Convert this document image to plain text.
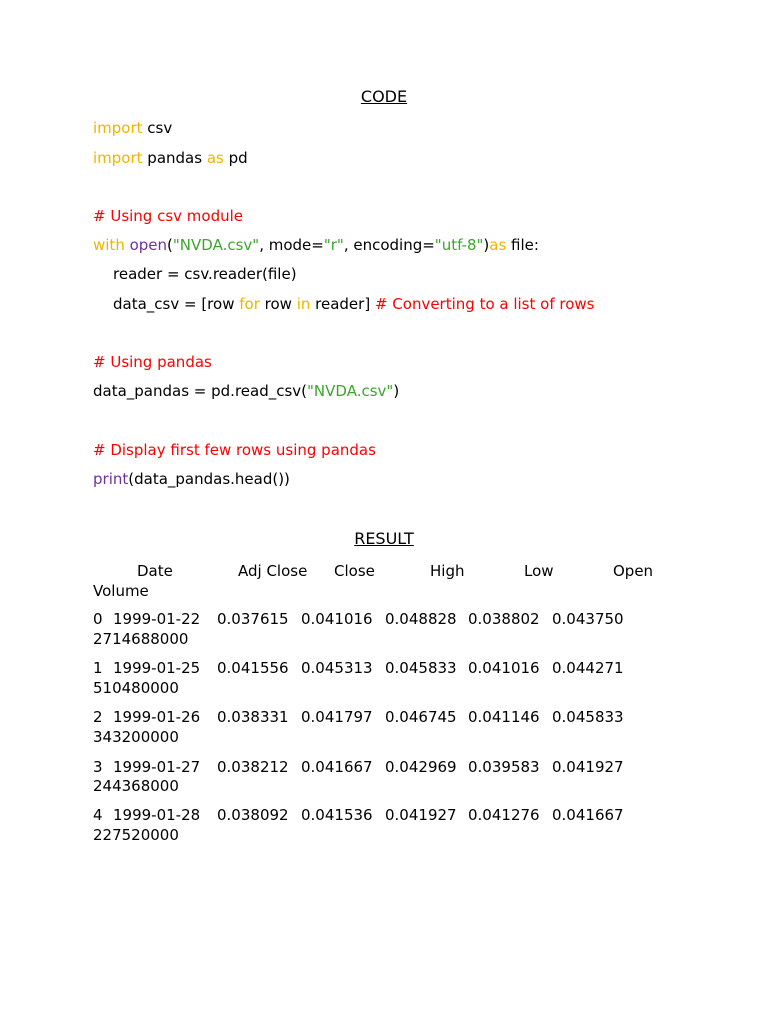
CODE
import csv
import pandas as pd
# Using csv module
with open("NVDA.csv", mode="r", encoding="utf-8")as file:
reader = csv.reader(file)
data_csv = [row for row in reader] # Converting to a list of rows
# Using pandas
data_pandas = pd.read_csv("NVDA.csv")
# Display first few rows using pandas
print(data_pandas.head())
RESULT
Date	Adj Close Close	High	Low	Open
Volume
0 1999-01-22 0.037615 0.041016 0.048828 0.038802 0.043750
2714688000
1 1999-01-25 0.041556 0.045313 0.045833 0.041016 0.044271
510480000
2 1999-01-26 0.038331 0.041797 0.046745 0.041146 0.045833
343200000
3 1999-01-27 0.038212 0.041667 0.042969 0.039583 0.041927
244368000
4 1999-01-28 0.038092 0.041536 0.041927 0.041276 0.041667
227520000
